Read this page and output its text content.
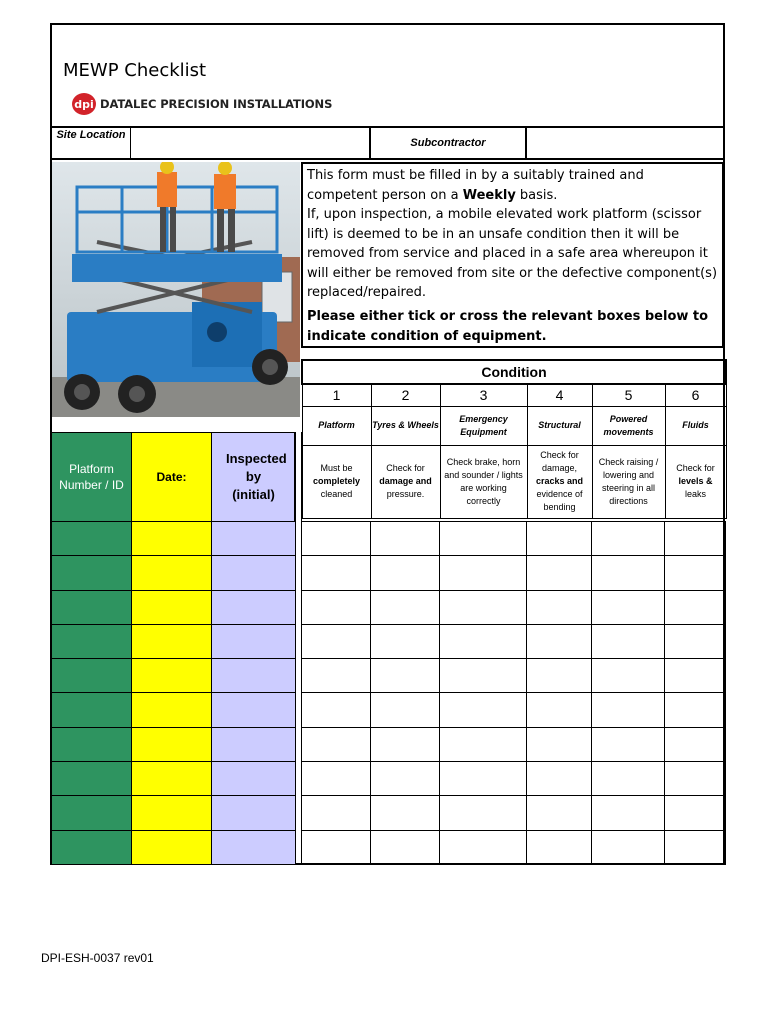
MEWP Checklist
dpi DATALEC PRECISION INSTALLATIONS
Site Location
Subcontractor

This form must be filled in by a suitably trained and competent person on a Weekly basis.

If, upon inspection, a mobile elevated work platform (scissor lift) is deemed to be in an unsafe condition then it will be removed from service and placed in a safe area whereupon it will either be removed from site or the defective component(s) replaced/repaired.

Please either tick or cross the relevant boxes below to indicate condition of equipment.

Condition					
1	2	3	4	5	6
Platform	Tyres & Wheels	Emergency Equipment	Structural	Powered movements	Fluids
Must be completely cleaned	Check for damage and pressure.	Check brake, horn and sounder / lights are working correctly	Check for damage, cracks and evidence of bending	Check raising / lowering and steering in all directions	Check for levels & leaks
Platform Number / ID	Date:	Inspected by (initial)

DPI-ESH-0037 rev01
